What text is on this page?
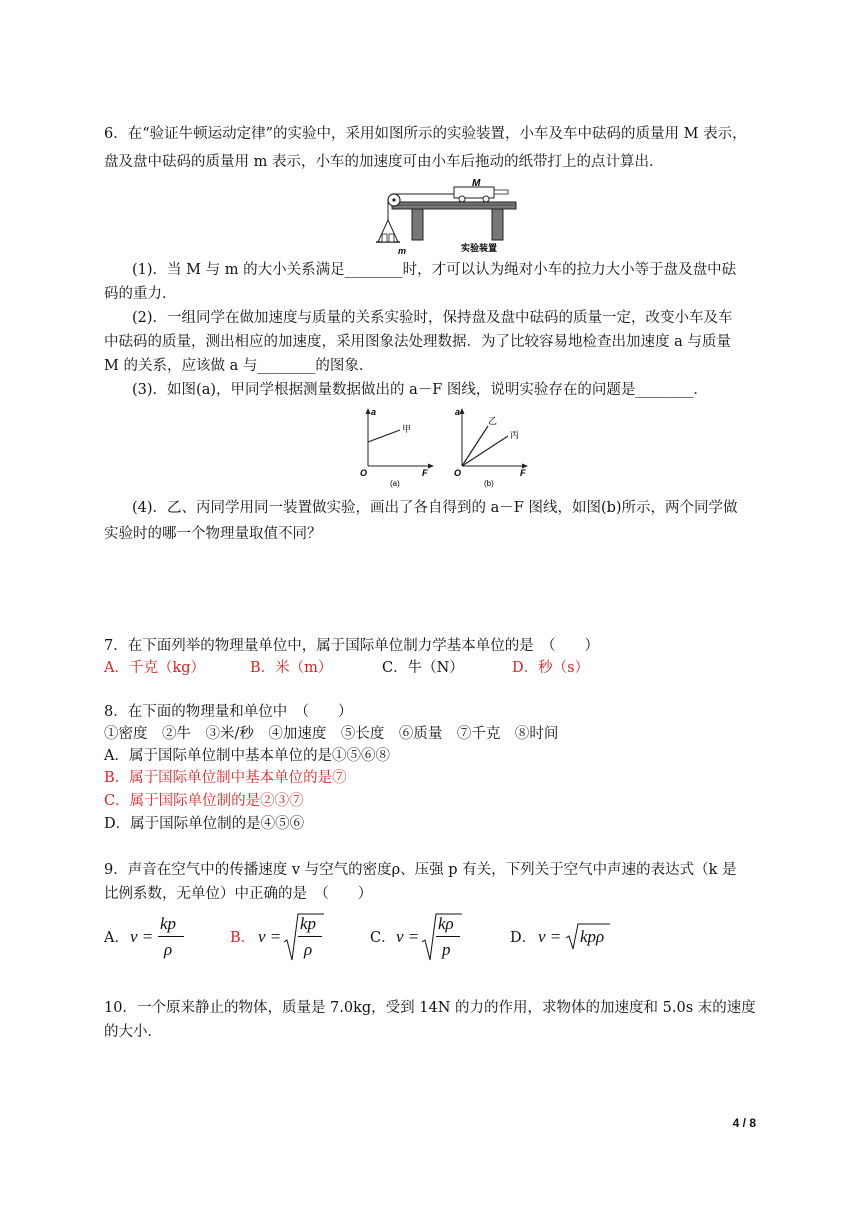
6．在“验证牛顿运动定律”的实验中，采用如图所示的实验装置，小车及车中砝码的质量用 M 表示，
盘及盘中砝码的质量用 m 表示，小车的加速度可由小车后拖动的纸带打上的点计算出．
M
m	实验装置
(1)．当 M 与 m 的大小关系满足________时，才可以认为绳对小车的拉力大小等于盘及盘中砝
码的重力．
(2)．一组同学在做加速度与质量的关系实验时，保持盘及盘中砝码的质量一定，改变小车及车
中砝码的质量，测出相应的加速度，采用图象法处理数据．为了比较容易地检查出加速度 a 与质量
M 的关系，应该做 a 与________的图象．
(3)．如图(a)，甲同学根据测量数据做出的 a－F 图线，说明实验存在的问题是________．
a
F
O
甲
(a)
a
F
O
乙
丙
(b)
(4)．乙、丙同学用同一装置做实验，画出了各自得到的 a－F 图线，如图(b)所示，两个同学做
实验时的哪一个物理量取值不同？
7．在下面列举的物理量单位中，属于国际单位制力学基本单位的是　（　　）
A．千克（kg）	B．米（m）	C．牛（N）	D．秒（s）
8．在下面的物理量和单位中　（　　）
①密度　②牛　③米/秒　④加速度　⑤长度　⑥质量　⑦千克　⑧时间
A．属于国际单位制中基本单位的是①⑤⑥⑧
B．属于国际单位制中基本单位的是⑦
C．属于国际单位制的是②③⑦
D．属于国际单位制的是④⑤⑥
9．声音在空气中的传播速度 v 与空气的密度ρ、压强 p 有关，下列关于空气中声速的表达式（k 是
比例系数，无单位）中正确的是　（　　）
A． v =
kp
ρ
B． v =
kp
ρ
C． v =
kρ
p
D． v = kpρ
10．一个原来静止的物体，质量是 7.0kg，受到 14N 的力的作用，求物体的加速度和 5.0s 末的速度
的大小．
4 / 8
